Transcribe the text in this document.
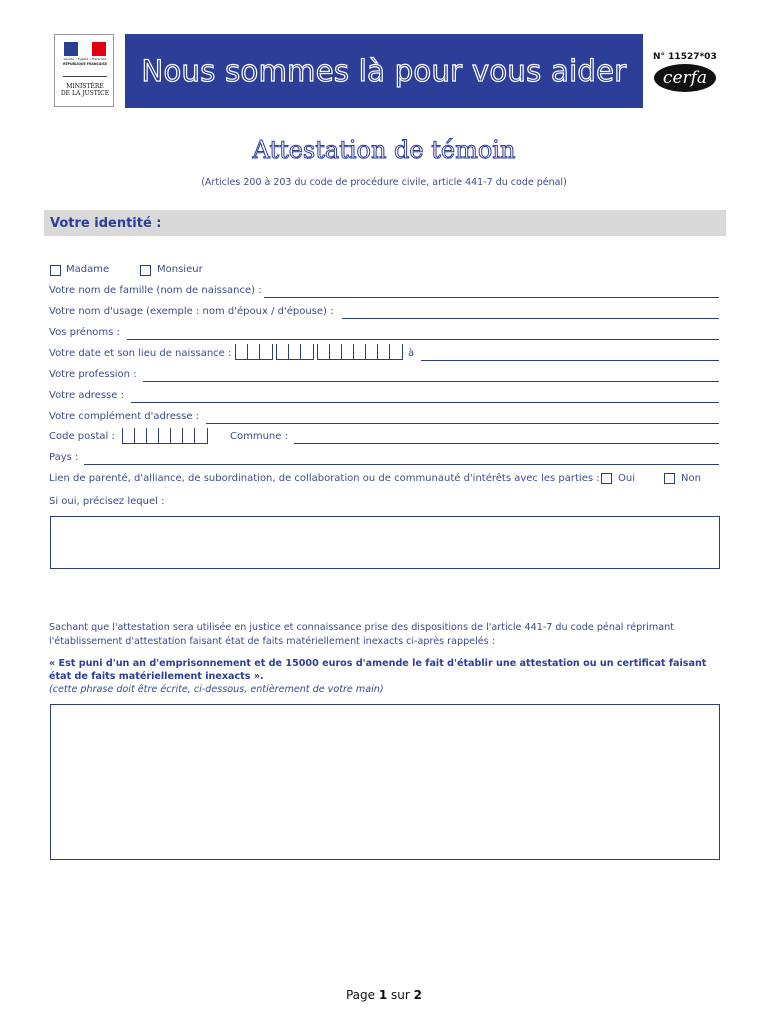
Liberté • Égalité • Fraternité
RÉPUBLIQUE FRANÇAISE
MINISTÈRE
DE LA JUSTICE
Nous sommes là pour vous aider	N° 11527*03
cerfa
Attestation de témoin
(Articles 200 à 203 du code de procédure civile, article 441-7 du code pénal)
Votre identité :
Madame	Monsieur
Votre nom de famille (nom de naissance) :
Votre nom d'usage (exemple : nom d'époux / d'épouse) :
Vos prénoms :
Votre date et son lieu de naissance :	à
Votre profession :
Votre adresse :
Votre complément d'adresse :
Code postal :	Commune :
Pays :
Lien de parenté, d'alliance, de subordination, de collaboration ou de communauté d'intérêts avec les parties : Oui	Non
Si oui, précisez lequel :
Sachant que l'attestation sera utilisée en justice et connaissance prise des dispositions de l'article 441-7 du code pénal réprimant l'établissement d'attestation faisant état de faits matériellement inexacts ci-après rappelés :
« Est puni d'un an d'emprisonnement et de 15000 euros d'amende le fait d'établir une attestation ou un certificat faisant état de faits matériellement inexacts ».
(cette phrase doit être écrite, ci-dessous, entièrement de votre main)
Page 1 sur 2
